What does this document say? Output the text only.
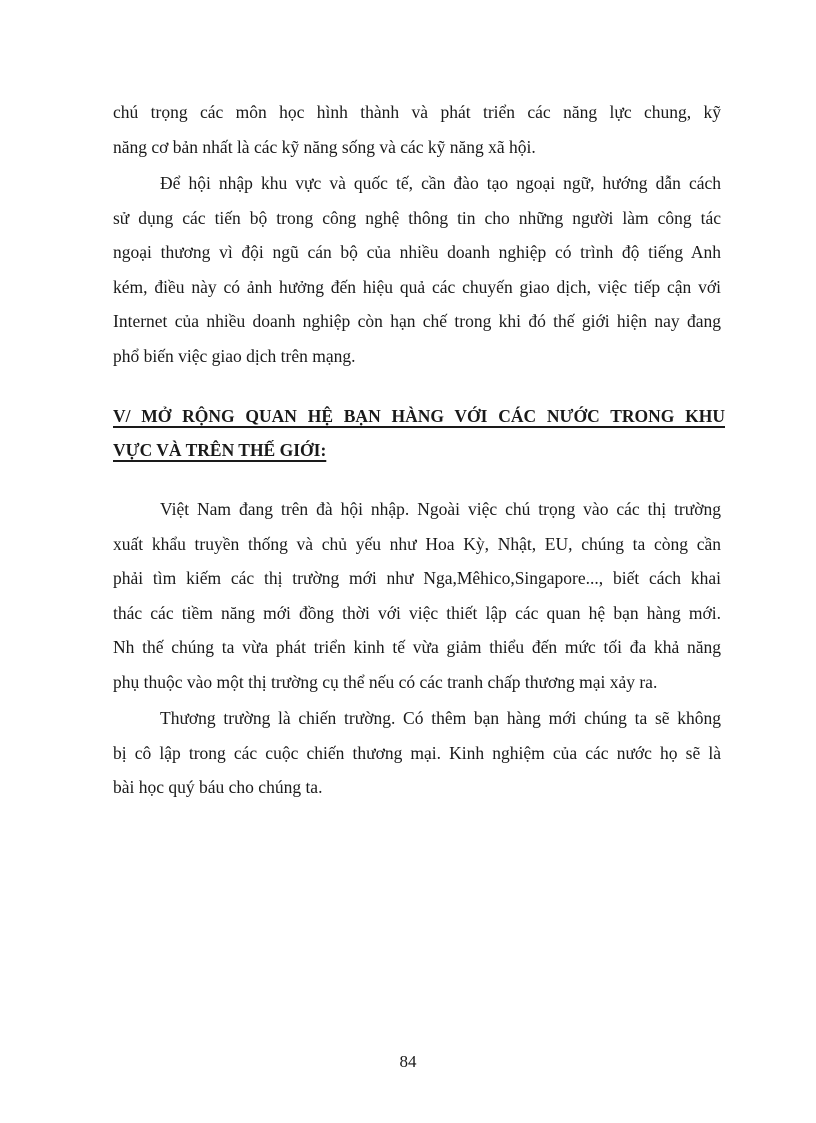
chú trọng các môn học hình thành và phát triển các năng lực chung, kỹ
năng cơ bản nhất là các kỹ năng sống và các kỹ năng xã hội.
Để hội nhập khu vực và quốc tế, cần đào tạo ngoại ngữ, hướng dẫn cách
sử dụng các tiến bộ trong công nghệ thông tin cho những người làm công tác
ngoại thương vì đội ngũ cán bộ của nhiều doanh nghiệp có trình độ tiếng Anh
kém, điều này có ảnh hưởng đến hiệu quả các chuyến giao dịch, việc tiếp cận với
Internet của nhiều doanh nghiệp còn hạn chế trong khi đó thế giới hiện nay đang
phổ biến việc giao dịch trên mạng.
V/ MỞ RỘNG QUAN HỆ BẠN HÀNG VỚI CÁC NƯỚC TRONG KHU
VỰC VÀ TRÊN THẾ GIỚI:
Việt Nam đang trên đà hội nhập. Ngoài việc chú trọng vào các thị trường
xuất khẩu truyền thống và chủ yếu như Hoa Kỳ, Nhật, EU, chúng ta còng cần
phải tìm kiếm các thị trường mới như Nga,Mêhico,Singapore..., biết cách khai
thác các tiềm năng mới đồng thời với việc thiết lập các quan hệ bạn hàng mới.
Nh thế chúng ta vừa phát triển kinh tế vừa giảm thiểu đến mức tối đa khả năng
phụ thuộc vào một thị trường cụ thể nếu có các tranh chấp thương mại xảy ra.
Thương trường là chiến trường. Có thêm bạn hàng mới chúng ta sẽ không
bị cô lập trong các cuộc chiến thương mại. Kinh nghiệm của các nước họ sẽ là
bài học quý báu cho chúng ta.
84
